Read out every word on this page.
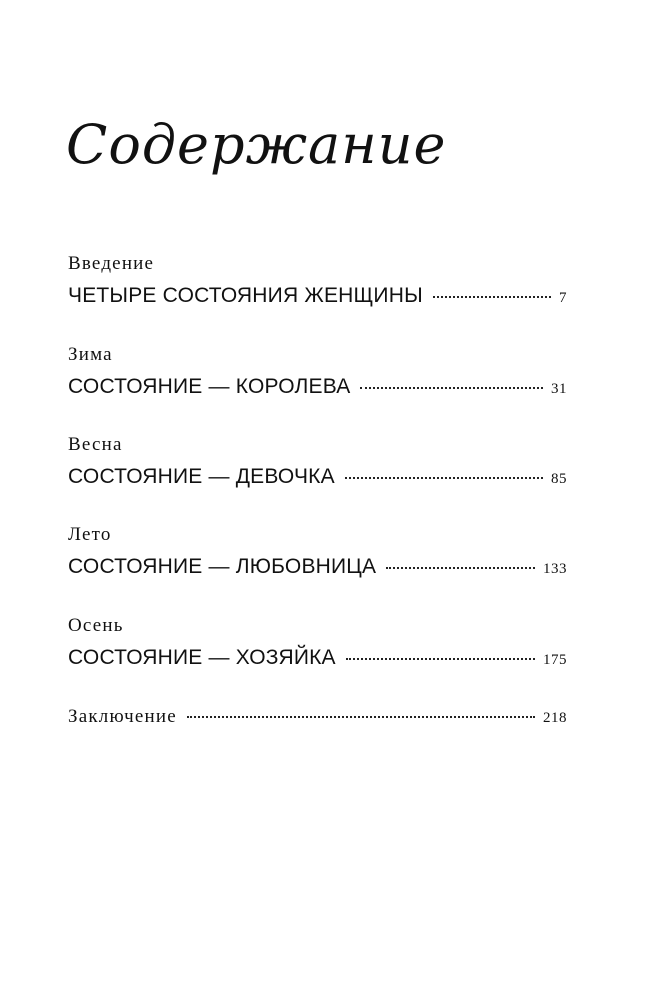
Содержание
Введение
ЧЕТЫРЕ СОСТОЯНИЯ ЖЕНЩИНЫ	7
Зима
СОСТОЯНИЕ — КОРОЛЕВА	31
Весна
СОСТОЯНИЕ — ДЕВОЧКА	85
Лето
СОСТОЯНИЕ — ЛЮБОВНИЦА	133
Осень
СОСТОЯНИЕ — ХОЗЯЙКА	175
Заключение	218
